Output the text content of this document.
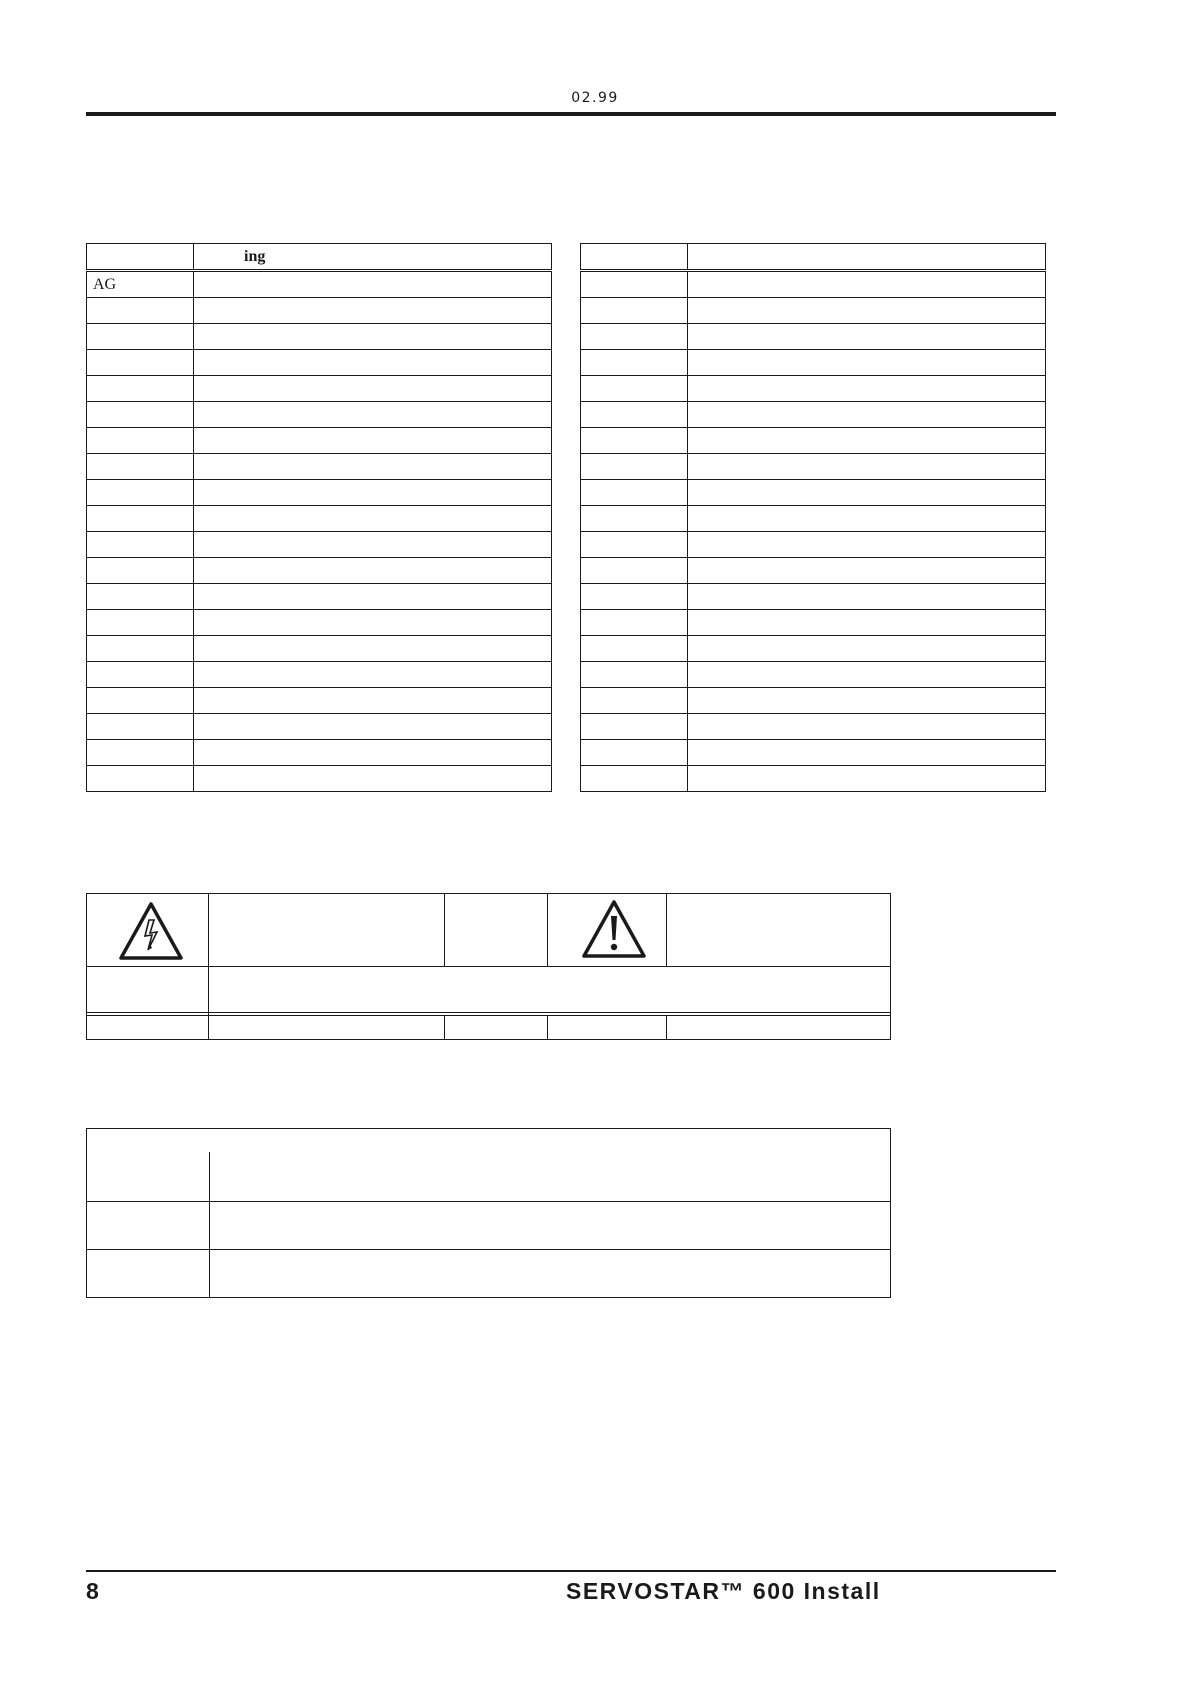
02.99
	ing
AG	

8	SERVOSTAR™ 600 Install
